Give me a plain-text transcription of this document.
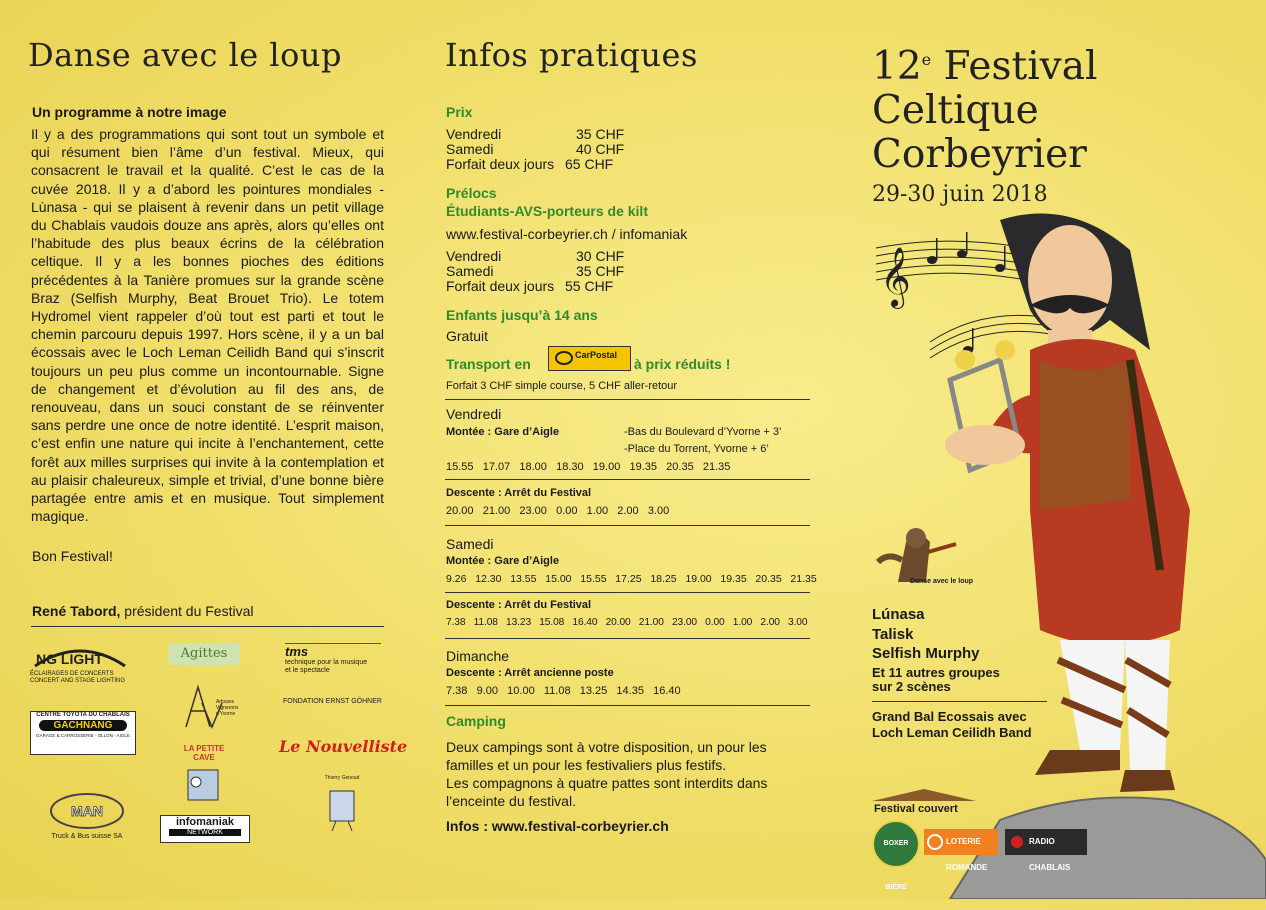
Danse avec le loup
Un programme à notre image
Il y a des programmations qui sont tout un symbole et qui résument bien l’âme d’un festival. Mieux, qui consacrent le travail et la qualité. C’est le cas de la cuvée 2018. Il y a d’abord les pointures mondiales - Lùnasa - qui se plaisent à revenir dans un petit village du Chablais vaudois douze ans après, alors qu’elles ont l’habitude des plus beaux écrins de la célébration celtique. Il y a les bonnes pioches des éditions précédentes à la Tanière promues sur la grande scène Braz (Selfish Murphy, Beat Brouet Trio). Le totem Hydromel vient rappeler d’où tout est parti et tout le chemin parcouru depuis 1997. Hors scène, il y a un bal écossais avec le Loch Leman Ceilidh Band qui s’inscrit toujours un peu plus comme un incontournable. Signe de changement et d’évolution au fil des ans, de renouveau, dans un souci constant de se réinventer sans perdre une once de notre identité. L’esprit maison, c’est enfin une nature qui incite à l’enchantement, cette forêt aux milles surprises qui invite à la contemplation et au plaisir chaleureux, simple et trivial, d’une bonne bière partagée entre amis et en musique. Tout simplement magique.
Bon Festival!
René Tabord, président du Festival
NG LIGHT
ÉCLAIRAGES DE CONCERTS
CONCERT AND STAGE LIGHTING
Agittes	tms
technique pour la musique
et le spectacle
Artisans Vignerons d'Yvorne
FONDATION ERNST GÖHNER
CENTRE TOYOTA DU CHABLAIS
GACHNANG
GARAGE & CARROSSERIE - OLLON - AIGLE
LA PETITE CAVE
Le Nouvelliste
Thierry Genoud
MAN
Truck & Bus suisse SA
infomaniak
NETWORK
Infos pratiques
Prix
Vendredi	35 CHF
Samedi	40 CHF
Forfait deux jours 65 CHF
Prélocs
Étudiants-AVS-porteurs de kilt
www.festival-corbeyrier.ch / infomaniak
Vendredi	30 CHF
Samedi	35 CHF
Forfait deux jours 55 CHF
Enfants jusqu’à 14 ans
Gratuit
Transport en
CarPostal
à prix réduits !
Forfait 3 CHF simple course, 5 CHF aller-retour
Vendredi
Montée : Gare d’Aigle	-Bas du Boulevard d’Yvorne + 3’
-Place du Torrent, Yvorne + 6’
15.55   17.07   18.00   18.30   19.00   19.35   20.35   21.35
Descente : Arrêt du Festival
20.00   21.00   23.00   0.00   1.00   2.00   3.00
Samedi
Montée : Gare d’Aigle
9.26   12.30   13.55   15.00   15.55   17.25   18.25   19.00   19.35   20.35   21.35
Descente : Arrêt du Festival
7.38   11.08   13.23   15.08   16.40   20.00   21.00   23.00   0.00   1.00   2.00   3.00
Dimanche
Descente : Arrêt ancienne poste
7.38   9.00   10.00   11.08   13.25   14.35   16.40
Camping
Deux campings sont à votre disposition, un pour les familles et un pour les festivaliers plus festifs.
Les compagnons à quatre pattes sont interdits dans l’enceinte du festival.
Infos : www.festival-corbeyrier.ch
12e Festival
Celtique
Corbeyrier
29-30 juin 2018
𝄞
Danse avec le loup
Lúnasa
Talisk
Selfish Murphy
Et 11 autres groupes
sur 2 scènes
Grand Bal Ecossais avec
Loch Leman Ceilidh Band
Festival couvert
BOXER BIÈRE
LOTERIE ROMANDE
RADIO CHABLAIS
